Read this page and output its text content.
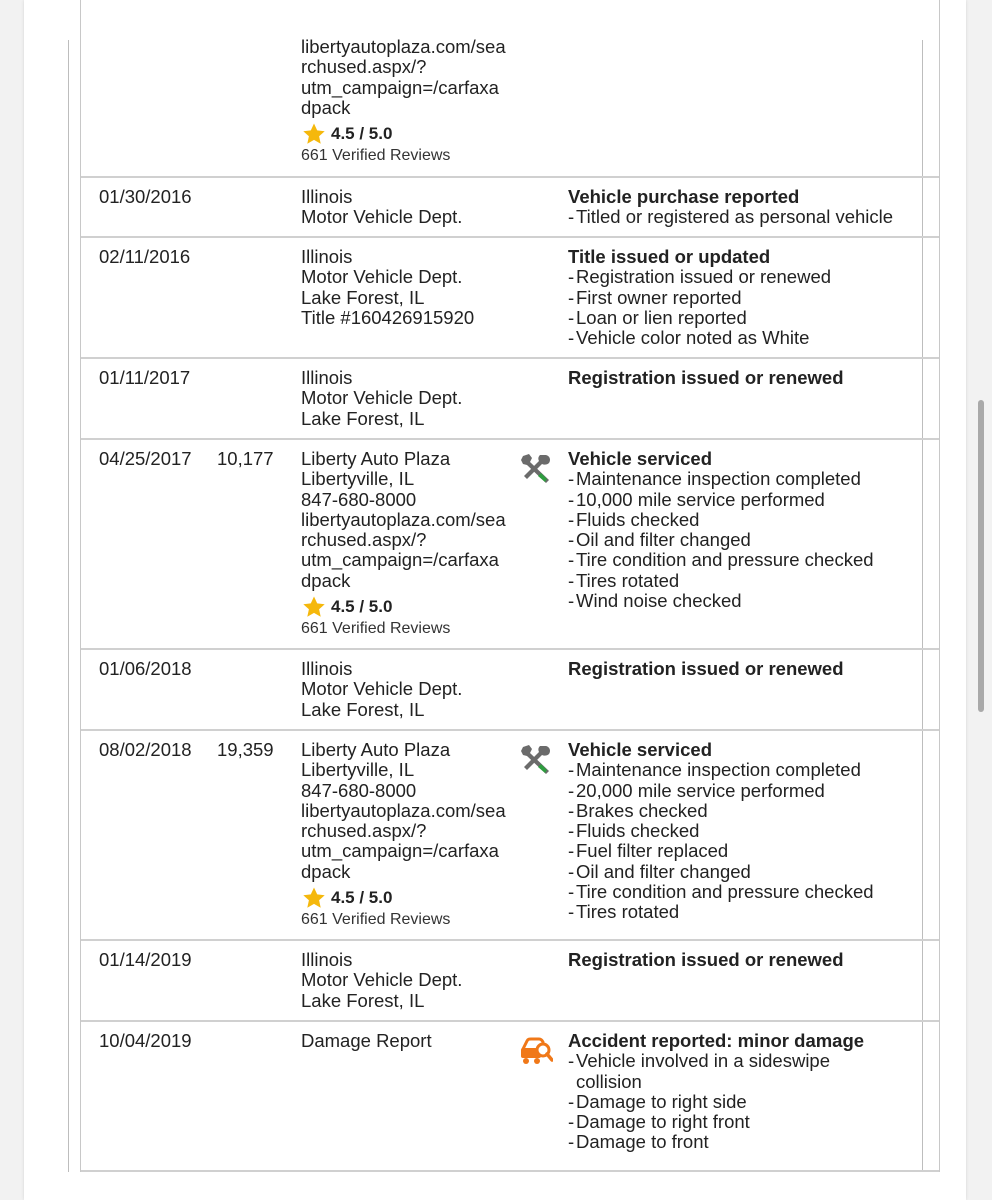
libertyautoplaza.com/sea
rchused.aspx/?
utm_campaign=/carfaxa
dpack
4.5 / 5.0
661 Verified Reviews
01/30/2016	Illinois
Motor Vehicle Dept.
Vehicle purchase reported
-Titled or registered as personal vehicle
02/11/2016	Illinois
Motor Vehicle Dept.
Lake Forest, IL
Title #160426915920
Title issued or updated
-Registration issued or renewed
-First owner reported
-Loan or lien reported
-Vehicle color noted as White
01/11/2017	Illinois
Motor Vehicle Dept.
Lake Forest, IL
Registration issued or renewed
04/25/2017 10,177 Liberty Auto Plaza
Libertyville, IL
847-680-8000
libertyautoplaza.com/sea
rchused.aspx/?
utm_campaign=/carfaxa
dpack
4.5 / 5.0
661 Verified Reviews
Vehicle serviced
-Maintenance inspection completed
-10,000 mile service performed
-Fluids checked
-Oil and filter changed
-Tire condition and pressure checked
-Tires rotated
-Wind noise checked
01/06/2018	Illinois
Motor Vehicle Dept.
Lake Forest, IL
Registration issued or renewed
08/02/2018 19,359 Liberty Auto Plaza
Libertyville, IL
847-680-8000
libertyautoplaza.com/sea
rchused.aspx/?
utm_campaign=/carfaxa
dpack
4.5 / 5.0
661 Verified Reviews
Vehicle serviced
-Maintenance inspection completed
-20,000 mile service performed
-Brakes checked
-Fluids checked
-Fuel filter replaced
-Oil and filter changed
-Tire condition and pressure checked
-Tires rotated
01/14/2019	Illinois
Motor Vehicle Dept.
Lake Forest, IL
Registration issued or renewed
10/04/2019	Damage Report	Accident reported: minor damage
-Vehicle involved in a sideswipe
collision
-Damage to right side
-Damage to right front
-Damage to front
